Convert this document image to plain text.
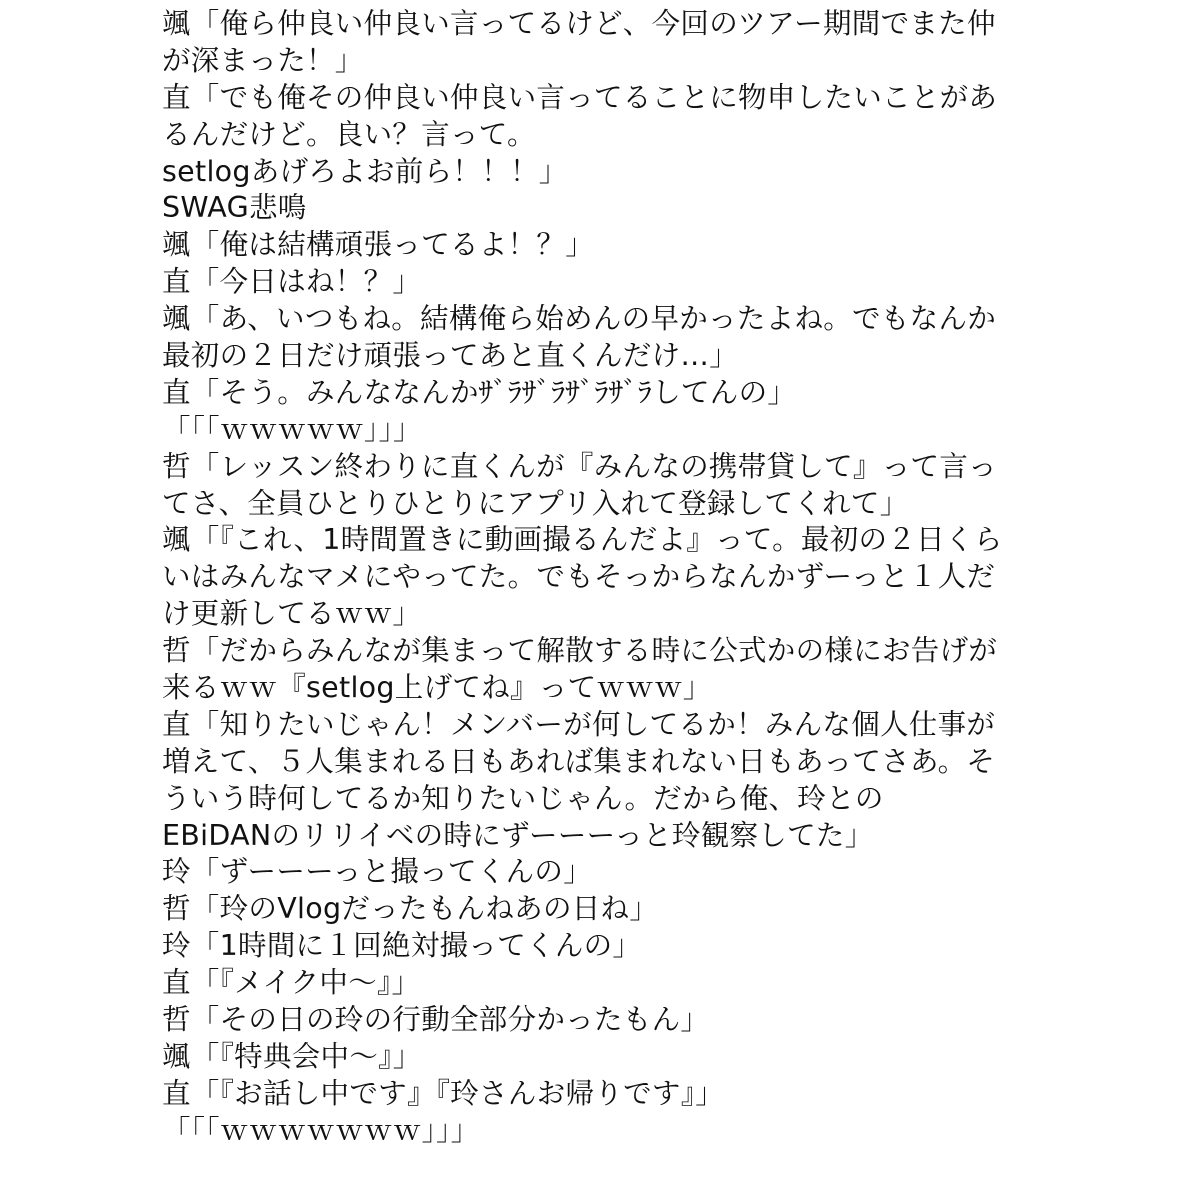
颯「俺ら仲良い仲良い言ってるけど、今回のツアー期間でまた仲
が深まった！」
直「でも俺その仲良い仲良い言ってることに物申したいことがあ
るんだけど。良い？言って。
setlogあげろよお前ら！！！」
SWAG悲鳴
颯「俺は結構頑張ってるよ！？」
直「今日はね！？」
颯「あ、いつもね。結構俺ら始めんの早かったよね。でもなんか
最初の２日だけ頑張ってあと直くんだけ…」
直「そう。みんななんかｻﾞﾗｻﾞﾗｻﾞﾗｻﾞﾗしてんの」
「「「ｗｗｗｗｗ」」」
哲「レッスン終わりに直くんが『みんなの携帯貸して』って言っ
てさ、全員ひとりひとりにアプリ入れて登録してくれて」
颯「『これ、1時間置きに動画撮るんだよ』って。最初の２日くら
いはみんなマメにやってた。でもそっからなんかずーっと１人だ
け更新してるｗｗ」
哲「だからみんなが集まって解散する時に公式かの様にお告げが
来るｗｗ『setlog上げてね』ってｗｗｗ」
直「知りたいじゃん！メンバーが何してるか！みんな個人仕事が
増えて、５人集まれる日もあれば集まれない日もあってさあ。そ
ういう時何してるか知りたいじゃん。だから俺、玲との
EBiDANのリリイベの時にずーーーっと玲観察してた」
玲「ずーーーっと撮ってくんの」
哲「玲のVlogだったもんねあの日ね」
玲「1時間に１回絶対撮ってくんの」
直「『メイク中〜』」
哲「その日の玲の行動全部分かったもん」
颯「『特典会中〜』」
直「『お話し中です』『玲さんお帰りです』」
「「「ｗｗｗｗｗｗｗ」」」
